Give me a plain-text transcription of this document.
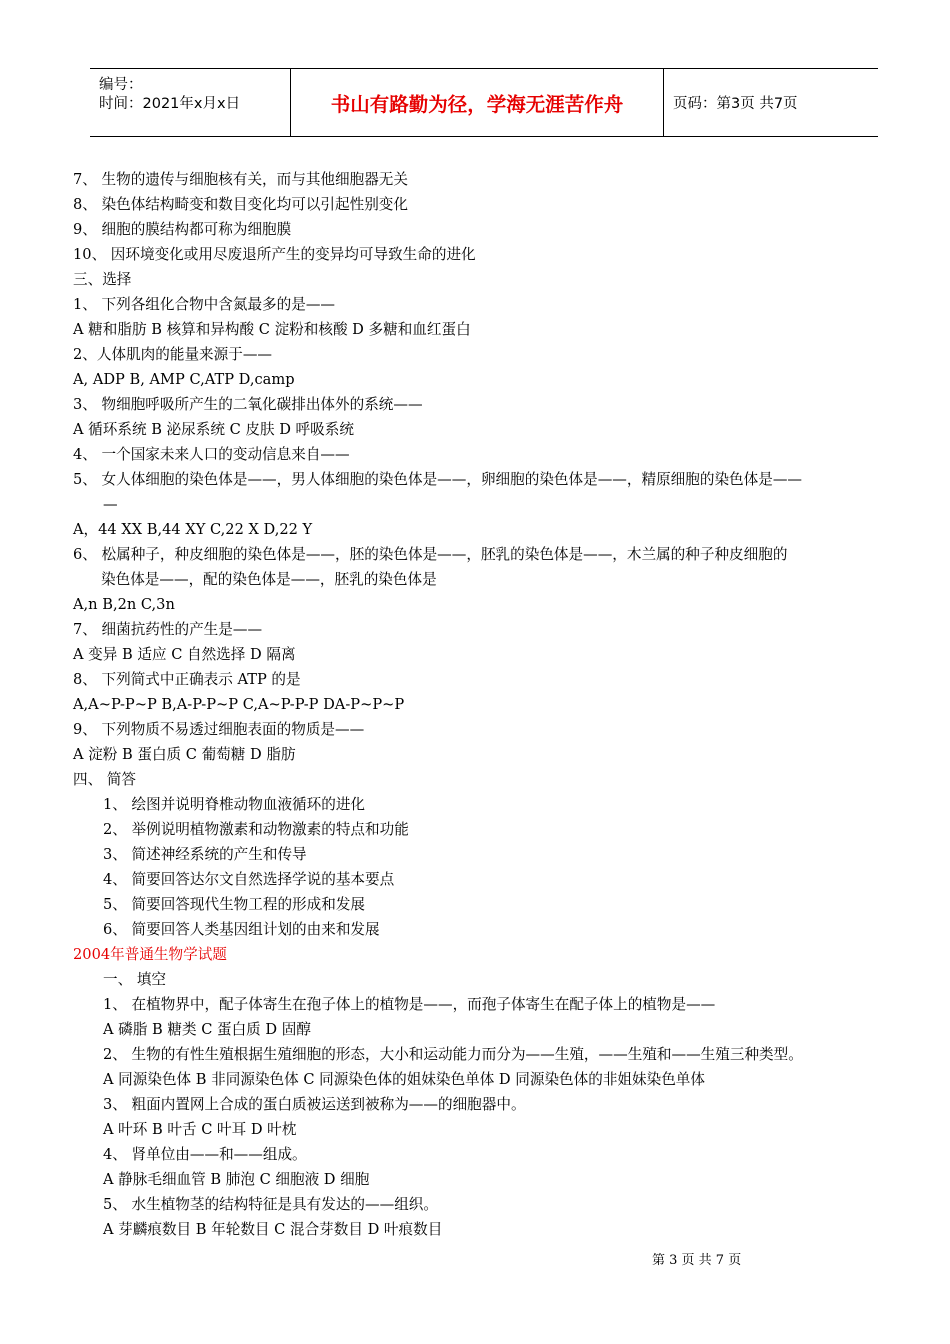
编号：
时间：2021年x月x日	书山有路勤为径，学海无涯苦作舟	页码：第3页 共7页
7、 生物的遗传与细胞核有关，而与其他细胞器无关
8、 染色体结构畸变和数目变化均可以引起性别变化
9、 细胞的膜结构都可称为细胞膜
10、 因环境变化或用尽废退所产生的变异均可导致生命的进化
三、选择
1、 下列各组化合物中含氮最多的是——
A 糖和脂肪 B 核算和异构酸 C 淀粉和核酸 D 多糖和血红蛋白
2、人体肌肉的能量来源于——
A, ADP B, AMP C,ATP D,camp
3、 物细胞呼吸所产生的二氧化碳排出体外的系统——
A 循环系统 B 泌尿系统 C 皮肤 D 呼吸系统
4、 一个国家未来人口的变动信息来自——
5、 女人体细胞的染色体是——，男人体细胞的染色体是——，卵细胞的染色体是——，精原细胞的染色体是——
—
A，44 XX B,44 XY C,22 X D,22 Y
6、 松属种子，种皮细胞的染色体是——，胚的染色体是——，胚乳的染色体是——，木兰属的种子种皮细胞的
染色体是——，配的染色体是——，胚乳的染色体是
A,n B,2n C,3n
7、 细菌抗药性的产生是——
A 变异 B 适应 C 自然选择 D 隔离
8、 下列简式中正确表示 ATP 的是
A,A~P-P~P B,A-P-P~P C,A~P-P-P DA-P~P~P
9、 下列物质不易透过细胞表面的物质是——
A 淀粉 B 蛋白质 C 葡萄糖 D 脂肪
四、 简答
1、 绘图并说明脊椎动物血液循环的进化
2、 举例说明植物激素和动物激素的特点和功能
3、 简述神经系统的产生和传导
4、 简要回答达尔文自然选择学说的基本要点
5、 简要回答现代生物工程的形成和发展
6、 简要回答人类基因组计划的由来和发展
2004年普通生物学试题
一、 填空
1、 在植物界中，配子体寄生在孢子体上的植物是——，而孢子体寄生在配子体上的植物是——
A 磷脂 B 糖类 C 蛋白质 D 固醇
2、 生物的有性生殖根据生殖细胞的形态，大小和运动能力而分为——生殖，——生殖和——生殖三种类型。
A 同源染色体 B 非同源染色体 C 同源染色体的姐妹染色单体 D 同源染色体的非姐妹染色单体
3、 粗面内置网上合成的蛋白质被运送到被称为——的细胞器中。
A 叶环 B 叶舌 C 叶耳 D 叶枕
4、 肾单位由——和——组成。
A 静脉毛细血管 B 肺泡 C 细胞液 D 细胞
5、 水生植物茎的结构特征是具有发达的——组织。
A 芽麟痕数目 B 年轮数目 C 混合芽数目 D 叶痕数目
第 3 页 共 7 页
